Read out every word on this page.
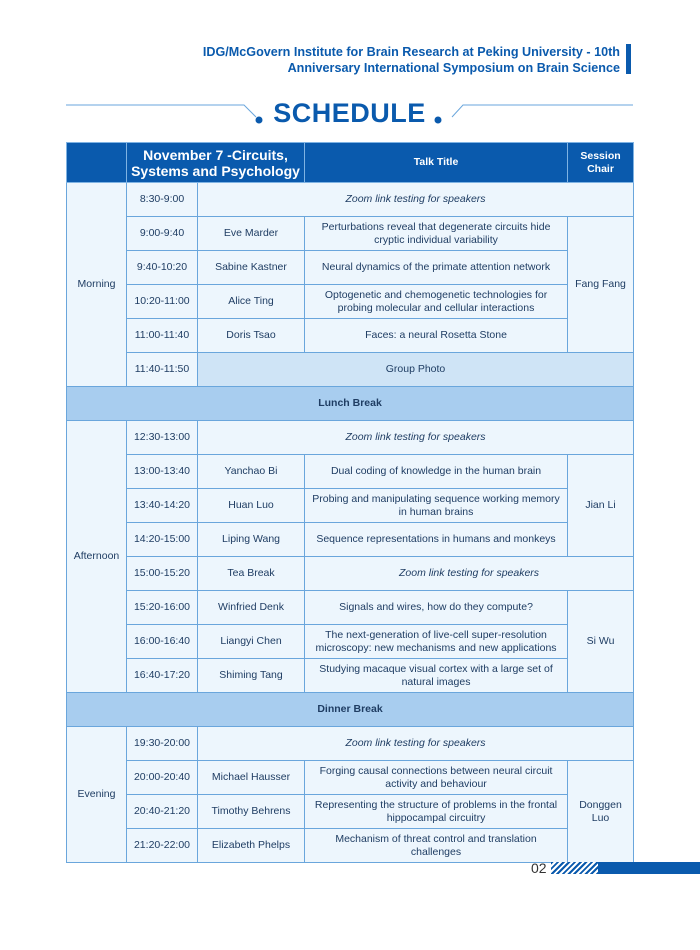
IDG/McGovern Institute for Brain Research at Peking University - 10th
Anniversary International Symposium on Brain Science
SCHEDULE
	November 7 -Circuits, Systems and Psychology		Talk Title	Session Chair
Morning	8:30-9:00	Zoom link testing for speakers		
	9:00-9:40	Eve Marder	Perturbations reveal that degenerate circuits hide cryptic individual variability	Fang Fang
	9:40-10:20	Sabine Kastner	Neural dynamics of the primate attention network	
	10:20-11:00	Alice Ting	Optogenetic and chemogenetic technologies for probing molecular and cellular interactions	
	11:00-11:40	Doris Tsao	Faces: a neural Rosetta Stone	
	11:40-11:50	Group Photo		
Lunch Break				
Afternoon	12:30-13:00	Zoom link testing for speakers		
	13:00-13:40	Yanchao Bi	Dual coding of knowledge in the human brain	Jian Li
	13:40-14:20	Huan Luo	Probing and manipulating sequence working memory in human brains	
	14:20-15:00	Liping Wang	Sequence representations in humans and monkeys	
	15:00-15:20	Tea Break	Zoom link testing for speakers	
	15:20-16:00	Winfried Denk	Signals and wires, how do they compute?	Si Wu
	16:00-16:40	Liangyi Chen	The next-generation of live-cell super-resolution microscopy: new mechanisms and new applications	
	16:40-17:20	Shiming Tang	Studying macaque visual cortex with a large set of natural images	
Dinner Break				
Evening	19:30-20:00	Zoom link testing for speakers		
	20:00-20:40	Michael Hausser	Forging causal connections between neural circuit activity and behaviour	Donggen Luo
	20:40-21:20	Timothy Behrens	Representing the structure of problems in the frontal hippocampal circuitry	
	21:20-22:00	Elizabeth Phelps	Mechanism of threat control and translation challenges	
02
